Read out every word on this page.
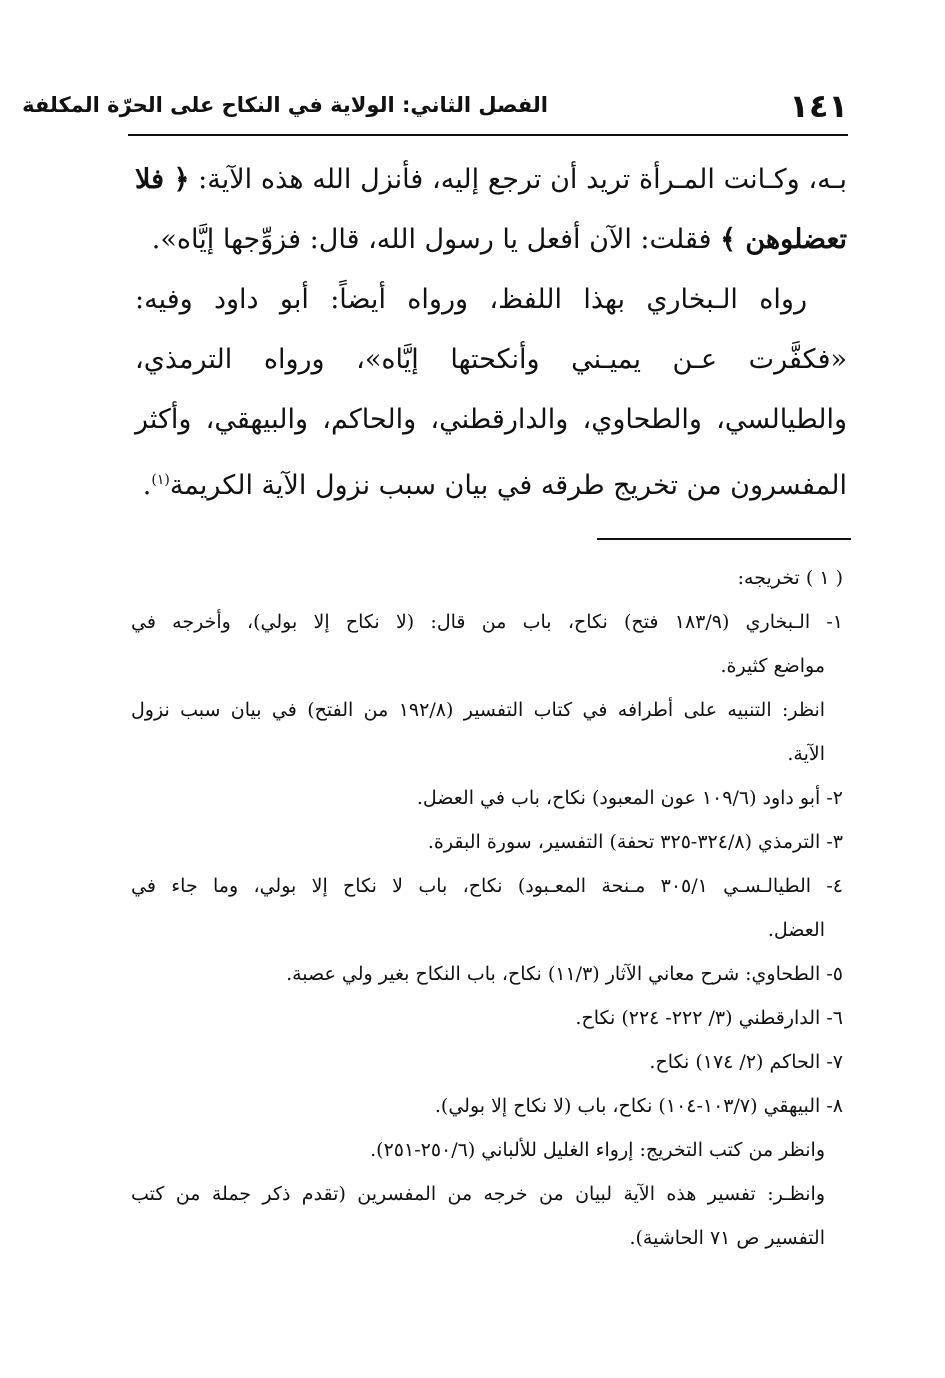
١٤١
الفصل الثاني: الولاية في النكاح على الحرّة المكلفة

بـه، وكـانت المـرأة تريد أن ترجع إليه، فأنزل الله هذه الآية: ﴿ فلا تعضلوهن ﴾ فقلت: الآن أفعل يا رسول الله، قال: فزوِّجها إيَّاه».

رواه الـبخاري بهذا اللفظ، ورواه أيضاً: أبو داود وفيه: «فكفَّرت عـن يميـني وأنكحتها إيَّاه»، ورواه الترمذي، والطيالسي، والطحاوي، والدارقطني، والحاكم، والبيهقي، وأكثر المفسرون من تخريج طرقه في بيان سبب نزول الآية الكريمة$^{(١)}$.

( ١ ) تخريجه:

١- الـبخاري (١٨٣/٩ فتح) نكاح، باب من قال: (لا نكاح إلا بولي)، وأخرجه في

مواضع كثيرة.

انظر: التنبيه على أطرافه في كتاب التفسير (١٩٢/٨ من الفتح) في بيان سبب نزول

الآية.

٢- أبو داود (١٠٩/٦ عون المعبود) نكاح، باب في العضل.

٣- الترمذي (٣٢٤/٨-٣٢٥ تحفة) التفسير، سورة البقرة.

٤- الطيالـسـي ٣٠٥/١ مـنحة المعـبود) نكاح، باب لا نكاح إلا بولي، وما جاء في

العضل.

٥- الطحاوي: شرح معاني الآثار (١١/٣) نكاح، باب النكاح بغير ولي عصبة.

٦- الدارقطني (٣/ ٢٢٢- ٢٢٤) نكاح.

٧- الحاكم (٢/ ١٧٤) نكاح.

٨- البيهقي (١٠٣/٧-١٠٤) نكاح، باب (لا نكاح إلا بولي).

وانظر من كتب التخريج: إرواء الغليل للألباني (٢٥٠/٦-٢٥١).

وانظـر: تفسير هذه الآية لبيان من خرجه من المفسرين (تقدم ذكر جملة من كتب

التفسير ص ٧١ الحاشية).
